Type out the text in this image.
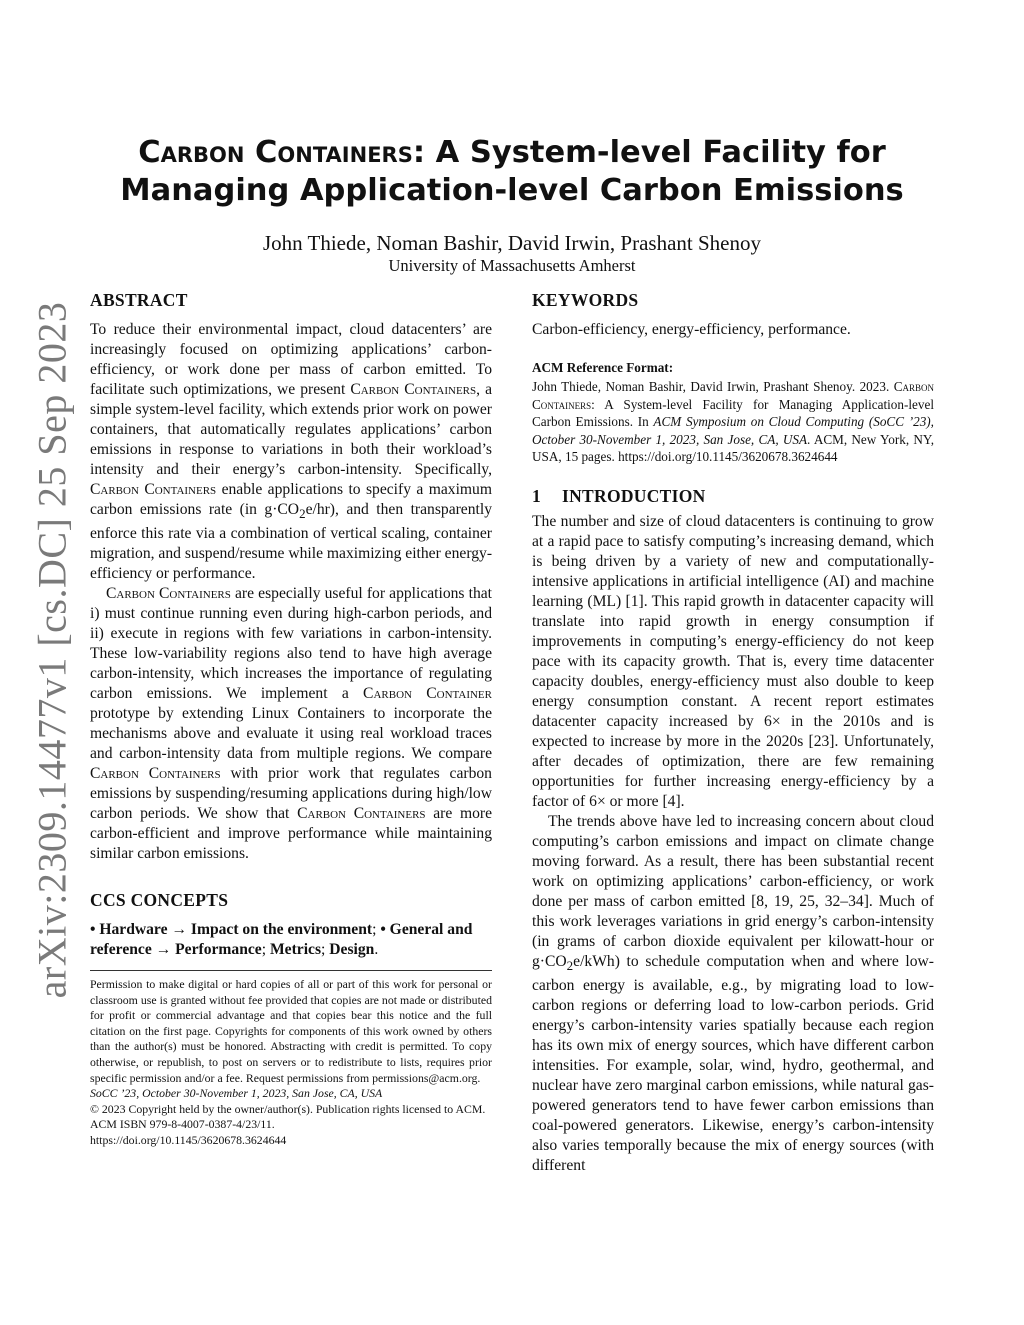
arXiv:2309.14477v1 [cs.DC] 25 Sep 2023
Carbon Containers: A System-level Facility for
Managing Application-level Carbon Emissions
John Thiede, Noman Bashir, David Irwin, Prashant Shenoy
University of Massachusetts Amherst
ABSTRACT

To reduce their environmental impact, cloud datacenters’ are increasingly focused on optimizing applications’ carbon-efficiency, or work done per mass of carbon emitted. To facilitate such optimizations, we present Carbon Containers, a simple system-level facility, which extends prior work on power containers, that automatically regulates applications’ carbon emissions in response to variations in both their workload’s intensity and their energy’s carbon-intensity. Specifically, Carbon Containers enable applications to specify a maximum carbon emissions rate (in $g\cdot CO_2e/hr$), and then transparently enforce this rate via a combination of vertical scaling, container migration, and suspend/resume while maximizing either energy-efficiency or performance.

Carbon Containers are especially useful for applications that i) must continue running even during high-carbon periods, and ii) execute in regions with few variations in carbon-intensity. These low-variability regions also tend to have high average carbon-intensity, which increases the importance of regulating carbon emissions. We implement a Carbon Container prototype by extending Linux Containers to incorporate the mechanisms above and evaluate it using real workload traces and carbon-intensity data from multiple regions. We compare Carbon Containers with prior work that regulates carbon emissions by suspending/resuming applications during high/low carbon periods. We show that Carbon Containers are more carbon-efficient and improve performance while maintaining similar carbon emissions.

CCS CONCEPTS

• Hardware → Impact on the environment; • General and reference → Performance; Metrics; Design.

Permission to make digital or hard copies of all or part of this work for personal or classroom use is granted without fee provided that copies are not made or distributed for profit or commercial advantage and that copies bear this notice and the full citation on the first page. Copyrights for components of this work owned by others than the author(s) must be honored. Abstracting with credit is permitted. To copy otherwise, or republish, to post on servers or to redistribute to lists, requires prior specific permission and/or a fee. Request permissions from permissions@acm.org.
SoCC ’23, October 30-November 1, 2023, San Jose, CA, USA
© 2023 Copyright held by the owner/author(s). Publication rights licensed to ACM.
ACM ISBN 979-8-4007-0387-4/23/11.
https://doi.org/10.1145/3620678.3624644
KEYWORDS

Carbon-efficiency, energy-efficiency, performance.

ACM Reference Format:

John Thiede, Noman Bashir, David Irwin, Prashant Shenoy. 2023. Carbon Containers: A System-level Facility for Managing Application-level Carbon Emissions. In ACM Symposium on Cloud Computing (SoCC ’23), October 30-November 1, 2023, San Jose, CA, USA. ACM, New York, NY, USA, 15 pages. https://doi.org/10.1145/3620678.3624644

1 INTRODUCTION

The number and size of cloud datacenters is continuing to grow at a rapid pace to satisfy computing’s increasing demand, which is being driven by a variety of new and computationally-intensive applications in artificial intelligence (AI) and machine learning (ML) [1]. This rapid growth in datacenter capacity will translate into rapid growth in energy consumption if improvements in computing’s energy-efficiency do not keep pace with its capacity growth. That is, every time datacenter capacity doubles, energy-efficiency must also double to keep energy consumption constant. A recent report estimates datacenter capacity increased by 6× in the 2010s and is expected to increase by more in the 2020s [23]. Unfortunately, after decades of optimization, there are few remaining opportunities for further increasing energy-efficiency by a factor of 6× or more [4].

The trends above have led to increasing concern about cloud computing’s carbon emissions and impact on climate change moving forward. As a result, there has been substantial recent work on optimizing applications’ carbon-efficiency, or work done per mass of carbon emitted [8, 19, 25, 32–34]. Much of this work leverages variations in grid energy’s carbon-intensity (in grams of carbon dioxide equivalent per kilowatt-hour or $g\cdot CO_2e/kWh$) to schedule computation when and where low-carbon energy is available, e.g., by migrating load to low-carbon regions or deferring load to low-carbon periods. Grid energy’s carbon-intensity varies spatially because each region has its own mix of energy sources, which have different carbon intensities. For example, solar, wind, hydro, geothermal, and nuclear have zero marginal carbon emissions, while natural gas-powered generators tend to have fewer carbon emissions than coal-powered generators. Likewise, energy’s carbon-intensity also varies temporally because the mix of energy sources (with different
